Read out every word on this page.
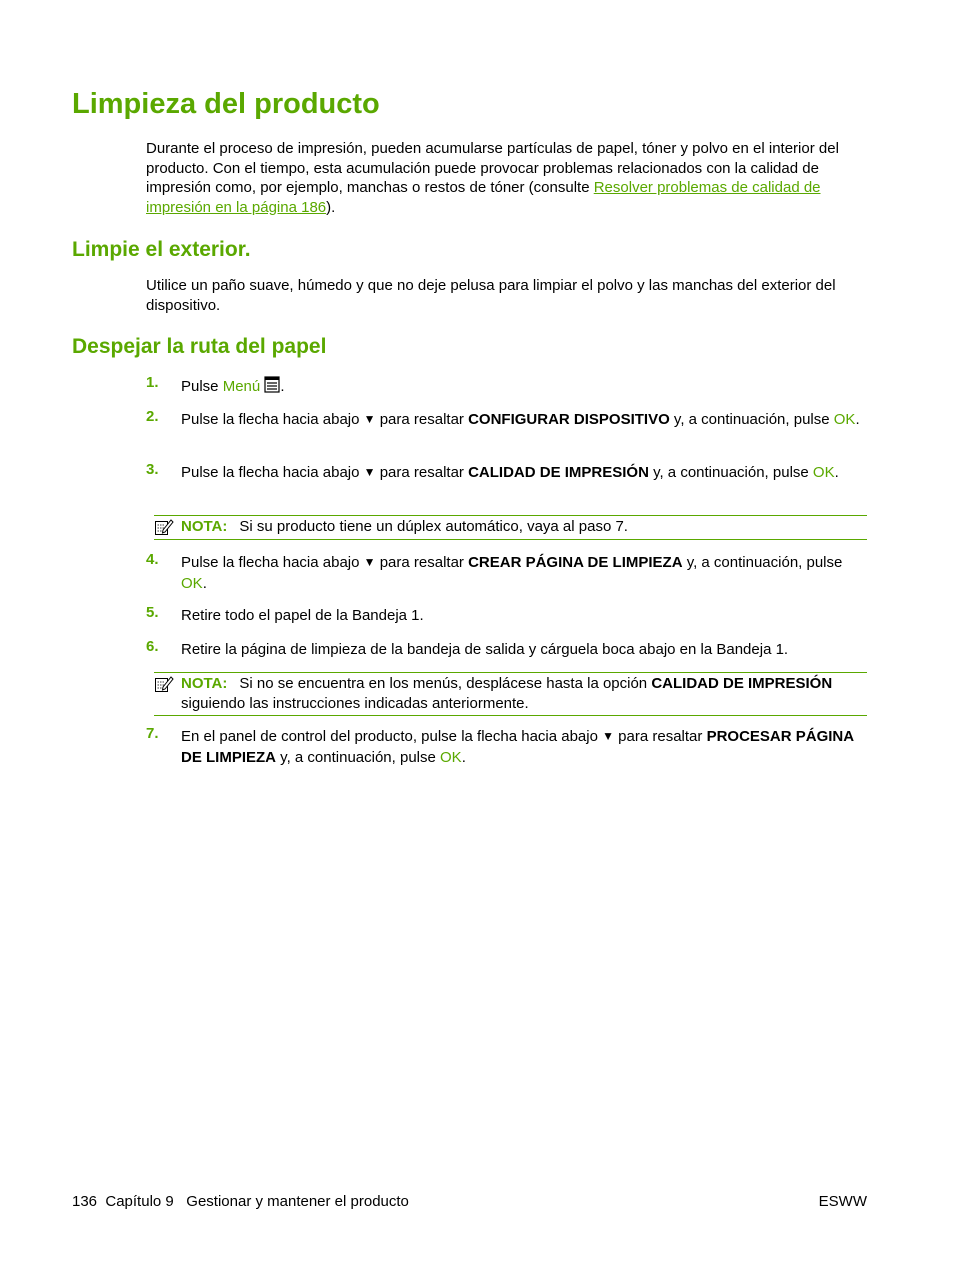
Limpieza del producto

Durante el proceso de impresión, pueden acumularse partículas de papel, tóner y polvo en el interior del producto. Con el tiempo, esta acumulación puede provocar problemas relacionados con la calidad de impresión como, por ejemplo, manchas o restos de tóner (consulte Resolver problemas de calidad de impresión en la página 186).

Limpie el exterior.

Utilice un paño suave, húmedo y que no deje pelusa para limpiar el polvo y las manchas del exterior del dispositivo.

Despejar la ruta del papel
1. Pulse Menú .
2. Pulse la flecha hacia abajo ▼ para resaltar CONFIGURAR DISPOSITIVO y, a continuación, pulse OK.
3. Pulse la flecha hacia abajo ▼ para resaltar CALIDAD DE IMPRESIÓN y, a continuación, pulse OK.
NOTA: Si su producto tiene un dúplex automático, vaya al paso 7.
4. Pulse la flecha hacia abajo ▼ para resaltar CREAR PÁGINA DE LIMPIEZA y, a continuación, pulse OK.
5. Retire todo el papel de la Bandeja 1.
6. Retire la página de limpieza de la bandeja de salida y cárguela boca abajo en la Bandeja 1.
NOTA: Si no se encuentra en los menús, desplácese hasta la opción CALIDAD DE IMPRESIÓN siguiendo las instrucciones indicadas anteriormente.
7. En el panel de control del producto, pulse la flecha hacia abajo ▼ para resaltar PROCESAR PÁGINA DE LIMPIEZA y, a continuación, pulse OK.
136 Capítulo 9 Gestionar y mantener el producto	ESWW
